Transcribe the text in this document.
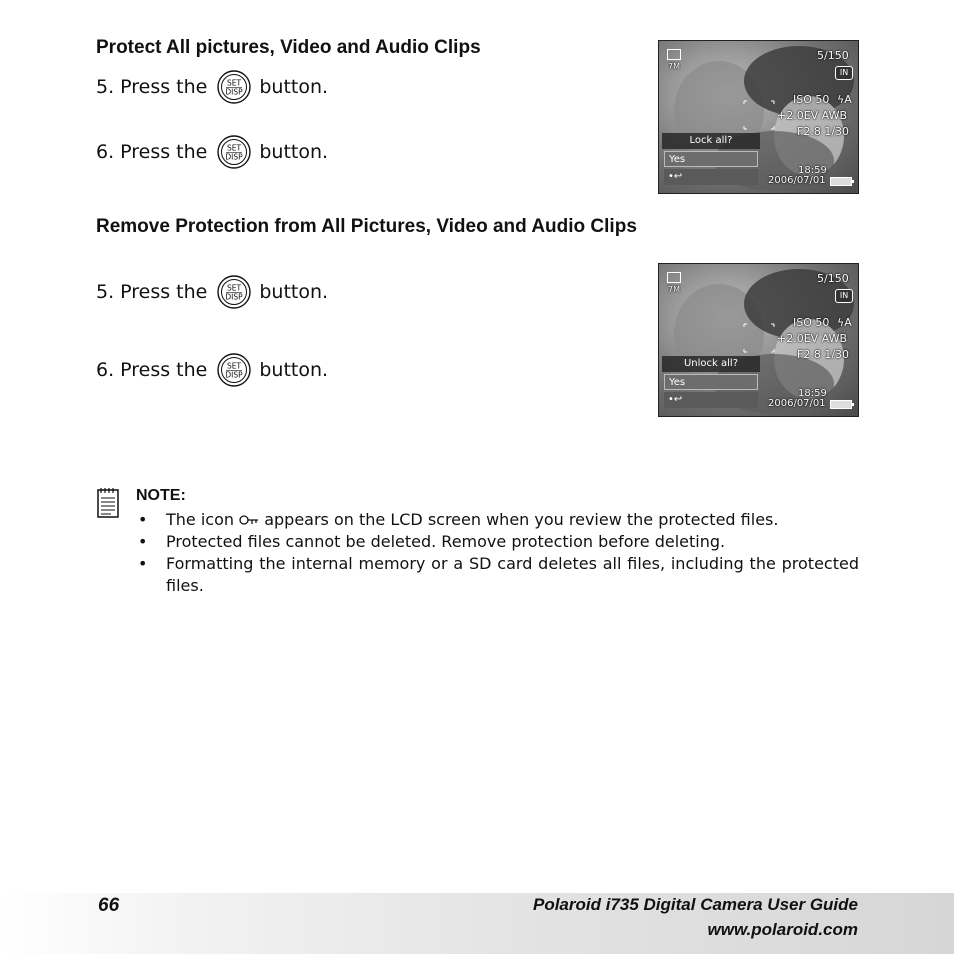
Protect All pictures, Video and Audio Clips
5. Press the	button.
6. Press the	button.
7M
5/150
IN
ISO 50 ϟA
+2.0EV AWB
F2.8 1/30
18:59
2006/07/01
Lock all?
Yes
•↩
Remove Protection from All Pictures, Video and Audio Clips
5. Press the	button.
6. Press the	button.
7M
5/150
IN
ISO 50 ϟA
+2.0EV AWB
F2.8 1/30
18:59
2006/07/01
Unlock all?
Yes
•↩
NOTE:
• The icon appears on the LCD screen when you review the protected files.
• Protected files cannot be deleted. Remove protection before deleting.
• Formatting the internal memory or a SD card deletes all files, including the protected files.
66	Polaroid i735 Digital Camera User Guide
www.polaroid.com
